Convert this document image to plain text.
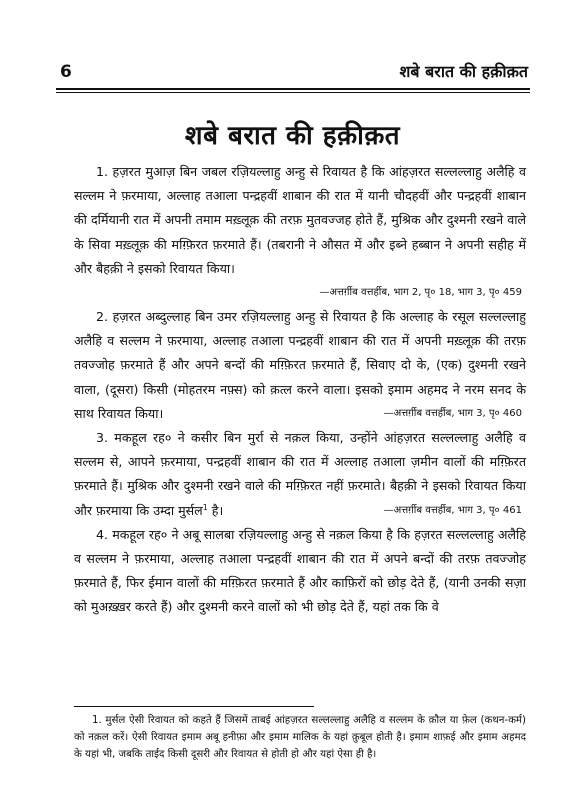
6	शबे बरात की हक़ीक़त
शबे बरात की हक़ीक़त

1. हज़रत मुआज़ बिन जबल रज़ियल्लाहु अन्हु से रिवायत है कि आंहज़रत सल्लल्लाहु अलैहि व सल्लम ने फ़रमाया, अल्लाह तआला पन्द्रहवीं शाबान की रात में यानी चौदहवीं और पन्द्रहवीं शाबान की दर्मियानी रात में अपनी तमाम मख़्लूक़ की तरफ़ मुतवज्जह होते हैं, मुश्रिक और दुश्मनी रखने वाले के सिवा मख़्लूक़ की मग़्फ़िरत फ़रमाते हैं। (तबरानी ने औसत में और इब्ने हब्बान ने अपनी सहीह में और बैहक़ी ने इसको रिवायत किया।

—अत्तर्ग़ीब वत्तर्हीब, भाग 2, पृ० 18, भाग 3, पृ० 459

2. हज़रत अब्दुल्लाह बिन उमर रज़ियल्लाहु अन्हु से रिवायत है कि अल्लाह के रसूल सल्लल्लाहु अलैहि व सल्लम ने फ़रमाया, अल्लाह तआला पन्द्रहवीं शाबान की रात में अपनी मख़्लूक़ की तरफ़ तवज्जोह फ़रमाते हैं और अपने बन्दों की मग़्फ़िरत फ़रमाते हैं, सिवाए दो के, (एक) दुश्मनी रखने वाला, (दूसरा) किसी (मोहतरम नफ़्स) को क़त्ल करने वाला। इसको इमाम अहमद ने नरम सनद के साथ रिवायत किया।	—अत्तर्ग़ीब वत्तर्हीब, भाग 3, पृ० 460

3. मकहूल रह० ने कसीर बिन मुर्रा से नक़ल किया, उन्होंने आंहज़रत सल्लल्लाहु अलैहि व सल्लम से, आपने फ़रमाया, पन्द्रहवीं शाबान की रात में अल्लाह तआला ज़मीन वालों की मग़्फ़िरत फ़रमाते हैं। मुश्रिक और दुश्मनी रखने वाले की मग़्फ़िरत नहीं फ़रमाते। बैहक़ी ने इसको रिवायत किया और फ़रमाया कि उम्दा मुर्सल$^1$ है।	—अत्तर्ग़ीब वत्तर्हीब, भाग 3, पृ० 461

4. मकहूल रह० ने अबू सालबा रज़ियल्लाहु अन्हु से नक़ल किया है कि हज़रत सल्लल्लाहु अलैहि व सल्लम ने फ़रमाया, अल्लाह तआला पन्द्रहवीं शाबान की रात में अपने बन्दों की तरफ़ तवज्जोह फ़रमाते हैं, फिर ईमान वालों की मग़्फ़िरत फ़रमाते हैं और काफ़िरों को छोड़ देते हैं, (यानी उनकी सज़ा को मुअख़्ख़र करते हैं) और दुश्मनी करने वालों को भी छोड़ देते हैं, यहां तक कि वे

1. मुर्सल ऐसी रिवायत को कहते हैं जिसमें ताबई आंहज़रत सल्लल्लाहु अलैहि व सल्लम के क़ौल या फ़ेल (कथन-कर्म) को नक़ल करें। ऐसी रिवायत इमाम अबू हनीफ़ा और इमाम मालिक के यहां क़ुबूल होती है। इमाम शाफ़ई और इमाम अहमद के यहां भी, जबकि ताईद किसी दूसरी और रिवायत से होती हो और यहां ऐसा ही है।
